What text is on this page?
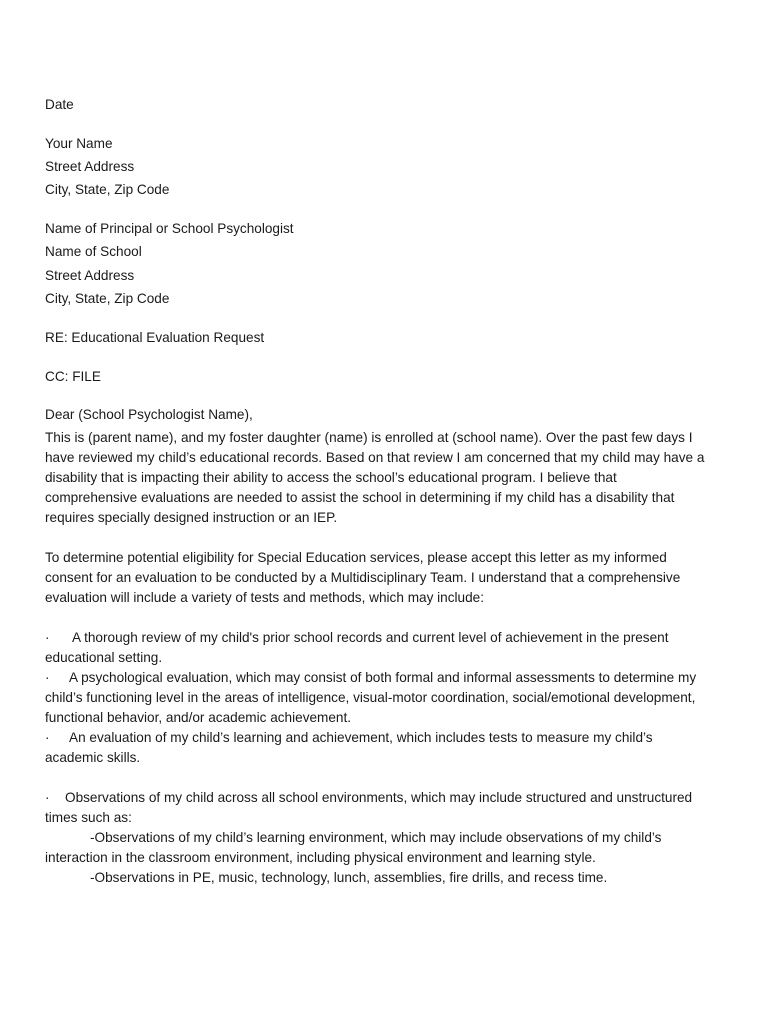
Date
Your Name
Street Address
City, State, Zip Code
Name of Principal or School Psychologist
Name of School
Street Address
City, State, Zip Code
RE: Educational Evaluation Request
CC: FILE
Dear (School Psychologist Name),
This is (parent name), and my foster daughter (name) is enrolled at (school name). Over the past few days I
have reviewed my child’s educational records. Based on that review I am concerned that my child may have a
disability that is impacting their ability to access the school’s educational program. I believe that
comprehensive evaluations are needed to assist the school in determining if my child has a disability that
requires specially designed instruction or an IEP.
To determine potential eligibility for Special Education services, please accept this letter as my informed
consent for an evaluation to be conducted by a Multidisciplinary Team. I understand that a comprehensive
evaluation will include a variety of tests and methods, which may include:
· A thorough review of my child's prior school records and current level of achievement in the present
educational setting.
· A psychological evaluation, which may consist of both formal and informal assessments to determine my
child’s functioning level in the areas of intelligence, visual-motor coordination, social/emotional development,
functional behavior, and/or academic achievement.
· An evaluation of my child’s learning and achievement, which includes tests to measure my child’s
academic skills.
· Observations of my child across all school environments, which may include structured and unstructured
times such as:
-Observations of my child’s learning environment, which may include observations of my child’s
interaction in the classroom environment, including physical environment and learning style.
-Observations in PE, music, technology, lunch, assemblies, fire drills, and recess time.
